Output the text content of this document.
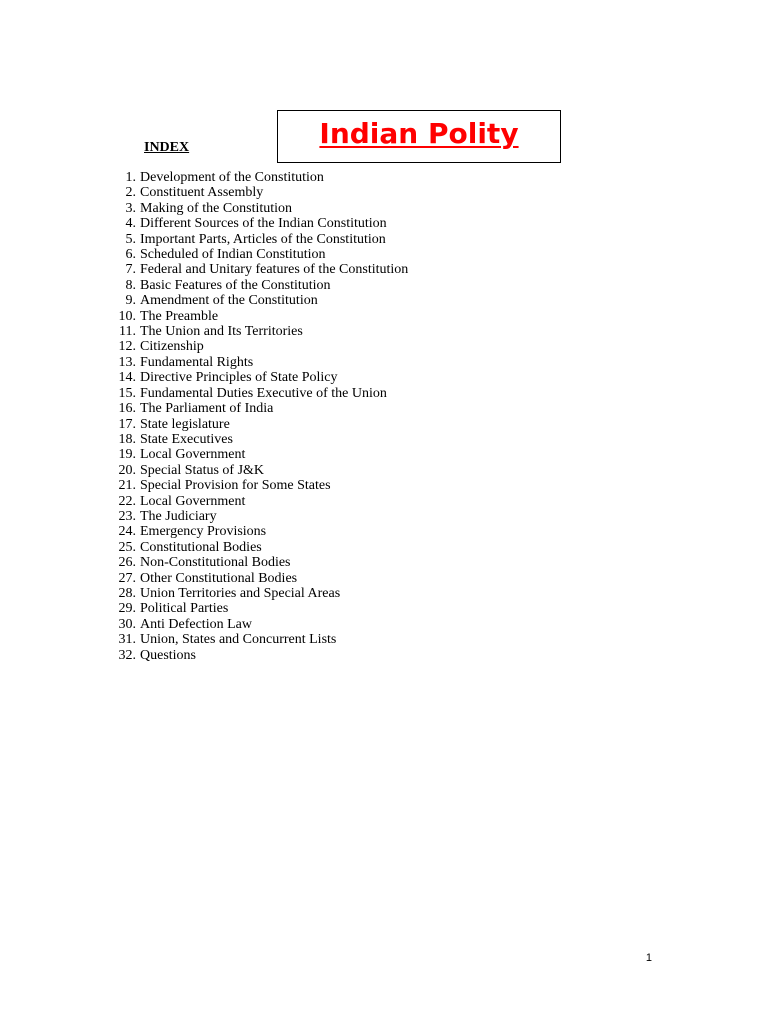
Indian Polity
INDEX
1. Development of the Constitution
2. Constituent Assembly
3. Making of the Constitution
4. Different Sources of the Indian Constitution
5. Important Parts, Articles of the Constitution
6. Scheduled of Indian Constitution
7. Federal and Unitary features of the Constitution
8. Basic Features of the Constitution
9. Amendment of the Constitution
10. The Preamble
11. The Union and Its Territories
12. Citizenship
13. Fundamental Rights
14. Directive Principles of State Policy
15. Fundamental Duties Executive of the Union
16. The Parliament of India
17. State legislature
18. State Executives
19. Local Government
20. Special Status of J&K
21. Special Provision for Some States
22. Local Government
23. The Judiciary
24. Emergency Provisions
25. Constitutional Bodies
26. Non-Constitutional Bodies
27. Other Constitutional Bodies
28. Union Territories and Special Areas
29. Political Parties
30. Anti Defection Law
31. Union, States and Concurrent Lists
32. Questions
1
